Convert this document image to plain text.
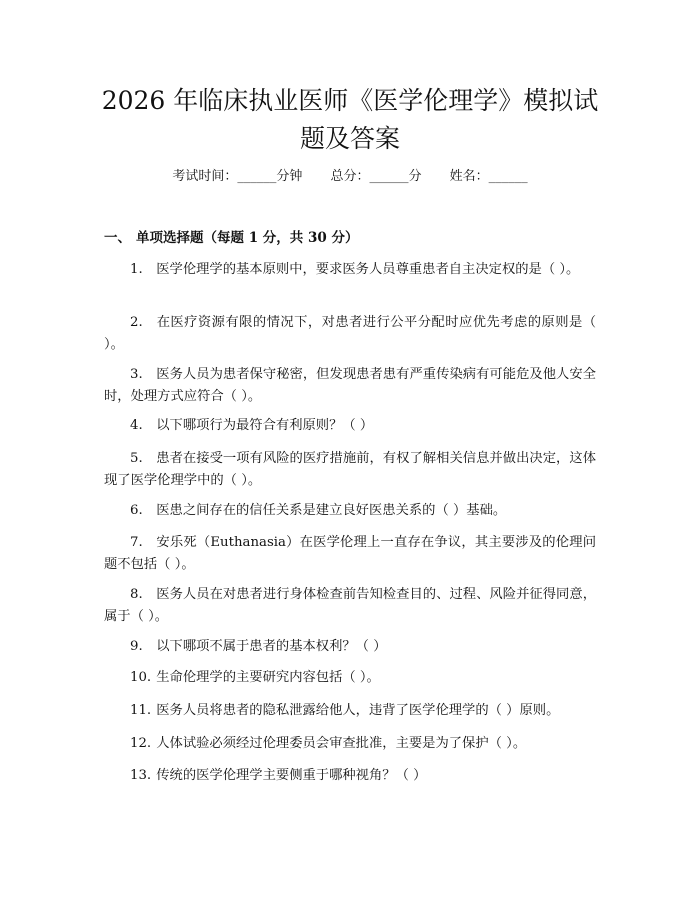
2026 年临床执业医师《医学伦理学》模拟试题及答案
考试时间：______分钟 总分：______分 姓名：______
一、 单项选择题（每题 1 分，共 30 分）
1. 医学伦理学的基本原则中，要求医务人员尊重患者自主决定权的是（ ）。
2. 在医疗资源有限的情况下，对患者进行公平分配时应优先考虑的原则是（ ）。
3. 医务人员为患者保守秘密，但发现患者患有严重传染病有可能危及他人安全时，处理方式应符合（ ）。
4. 以下哪项行为最符合有利原则？（ ）
5. 患者在接受一项有风险的医疗措施前，有权了解相关信息并做出决定，这体现了医学伦理学中的（ ）。
6. 医患之间存在的信任关系是建立良好医患关系的（ ）基础。
7. 安乐死（Euthanasia）在医学伦理上一直存在争议，其主要涉及的伦理问题不包括（ ）。
8. 医务人员在对患者进行身体检查前告知检查目的、过程、风险并征得同意，属于（ ）。
9. 以下哪项不属于患者的基本权利？（ ）
10. 生命伦理学的主要研究内容包括（ ）。
11. 医务人员将患者的隐私泄露给他人，违背了医学伦理学的（ ）原则。
12. 人体试验必须经过伦理委员会审查批准，主要是为了保护（ ）。
13. 传统的医学伦理学主要侧重于哪种视角？（ ）
